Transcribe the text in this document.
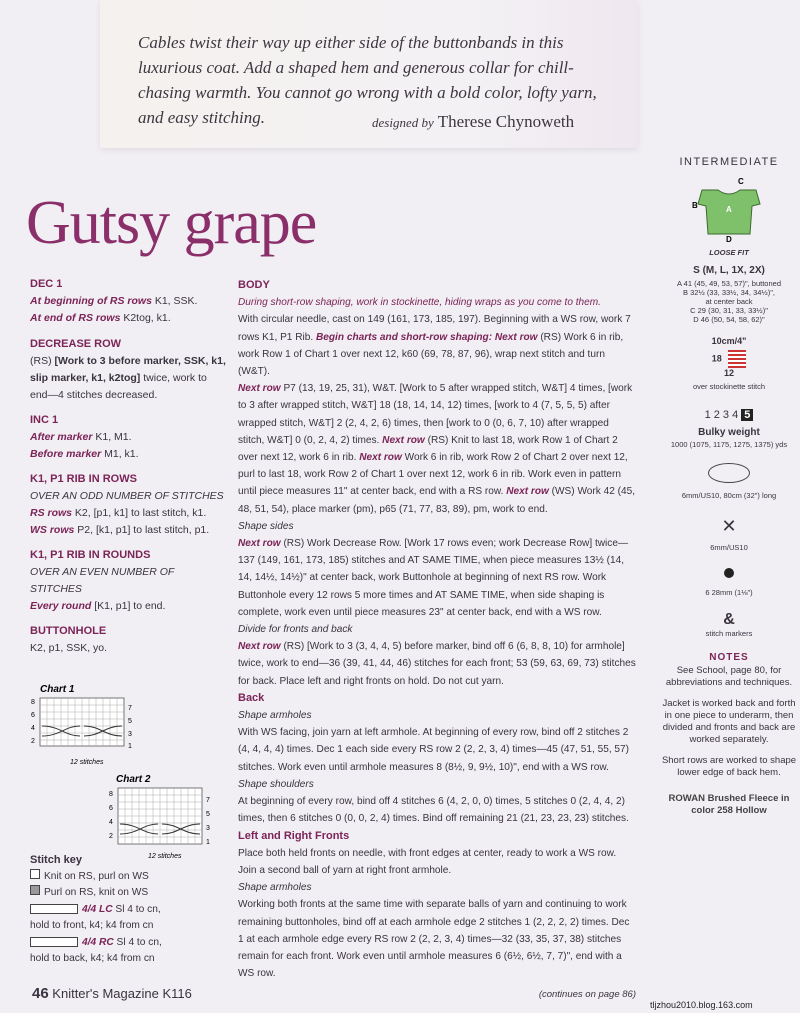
Cables twist their way up either side of the buttonbands in this luxurious coat. Add a shaped hem and generous collar for chill-chasing warmth. You cannot go wrong with a bold color, lofty yarn, and easy stitching.	designed by Therese Chynoweth
Gutsy grape
DEC 1
At beginning of RS rows K1, SSK.
At end of RS rows K2tog, k1.
DECREASE ROW
(RS) [Work to 3 before marker, SSK, k1, slip marker, k1, k2tog] twice, work to end—4 stitches decreased.
INC 1
After marker K1, M1.
Before marker M1, k1.
K1, P1 RIB IN ROWS
OVER AN ODD NUMBER OF STITCHES
RS rows K2, [p1, k1] to last stitch, k1.
WS rows P2, [k1, p1] to last stitch, p1.
K1, P1 RIB IN ROUNDS
OVER AN EVEN NUMBER OF STITCHES
Every round [K1, p1] to end.
BUTTONHOLE
K2, p1, SSK, yo.
Chart 1
8
6
4
2
7
5
3
1
12 stitches
Chart 2
8
6
4
2
7
5
3
1
12 stitches
Stitch key
Knit on RS, purl on WS
Purl on RS, knit on WS
4/4 LC Sl 4 to cn,
hold to front, k4; k4 from cn
4/4 RC Sl 4 to cn,
hold to back, k4; k4 from cn

BODY

During short-row shaping, work in stockinette, hiding wraps as you come to them.

With circular needle, cast on 149 (161, 173, 185, 197). Beginning with a WS row, work 7 rows K1, P1 Rib. Begin charts and short-row shaping: Next row (RS) Work 6 in rib, work Row 1 of Chart 1 over next 12, k60 (69, 78, 87, 96), wrap next stitch and turn (W&T).

Next row P7 (13, 19, 25, 31), W&T. [Work to 5 after wrapped stitch, W&T] 4 times, [work to 3 after wrapped stitch, W&T] 18 (18, 14, 14, 12) times, [work to 4 (7, 5, 5, 5) after wrapped stitch, W&T] 2 (2, 4, 2, 6) times, then [work to 0 (0, 6, 7, 10) after wrapped stitch, W&T] 0 (0, 2, 4, 2) times. Next row (RS) Knit to last 18, work Row 1 of Chart 2 over next 12, work 6 in rib. Next row Work 6 in rib, work Row 2 of Chart 2 over next 12, purl to last 18, work Row 2 of Chart 1 over next 12, work 6 in rib. Work even in pattern until piece measures 11" at center back, end with a RS row. Next row (WS) Work 42 (45, 48, 51, 54), place marker (pm), p65 (71, 77, 83, 89), pm, work to end.

Shape sides

Next row (RS) Work Decrease Row. [Work 17 rows even; work Decrease Row] twice—137 (149, 161, 173, 185) stitches and AT SAME TIME, when piece measures 13½ (14, 14, 14½, 14½)" at center back, work Buttonhole at beginning of next RS row. Work Buttonhole every 12 rows 5 more times and AT SAME TIME, when side shaping is complete, work even until piece measures 23" at center back, end with a WS row.

Divide for fronts and back

Next row (RS) [Work to 3 (3, 4, 4, 5) before marker, bind off 6 (6, 8, 8, 10) for armhole] twice, work to end—36 (39, 41, 44, 46) stitches for each front; 53 (59, 63, 69, 73) stitches for back. Place left and right fronts on hold. Do not cut yarn.

Back

Shape armholes

With WS facing, join yarn at left armhole. At beginning of every row, bind off 2 stitches 2 (4, 4, 4, 4) times. Dec 1 each side every RS row 2 (2, 2, 3, 4) times—45 (47, 51, 55, 57) stitches. Work even until armhole measures 8 (8½, 9, 9½, 10)", end with a WS row.

Shape shoulders

At beginning of every row, bind off 4 stitches 6 (4, 2, 0, 0) times, 5 stitches 0 (2, 4, 4, 2) times, then 6 stitches 0 (0, 0, 2, 4) times. Bind off remaining 21 (21, 23, 23, 23) stitches.

Left and Right Fronts

Place both held fronts on needle, with front edges at center, ready to work a WS row. Join a second ball of yarn at right front armhole.

Shape armholes

Working both fronts at the same time with separate balls of yarn and continuing to work remaining buttonholes, bind off at each armhole edge 2 stitches 1 (2, 2, 2, 2) times. Dec 1 at each armhole edge every RS row 2 (2, 2, 3, 4) times—32 (33, 35, 37, 38) stitches remain for each front. Work even until armhole measures 6 (6½, 6½, 7, 7)", end with a WS row.

(continues on page 86)

INTERMEDIATE
C
B	A
D
LOOSE FIT
S (M, L, 1X, 2X)
A 41 (45, 49, 53, 57)", buttoned
B 32½ (33, 33½, 34, 34½)",
at center back
C 29 (30, 31, 33, 33½)"
D 46 (50, 54, 58, 62)"
10cm/4"
18
12
over stockinette stitch
1 2 3 4 5
Bulky weight
1000 (1075, 1175, 1275, 1375) yds
6mm/US10, 80cm (32") long
✕
6mm/US10
6 28mm (1⅛")
&
stitch markers
NOTES
See School, page 80, for abbreviations and techniques.
Jacket is worked back and forth in one piece to underarm, then divided and fronts and back are worked separately.
Short rows are worked to shape lower edge of back hem.
ROWAN Brushed Fleece in color 258 Hollow
46 Knitter's Magazine K116
tljzhou2010.blog.163.com
